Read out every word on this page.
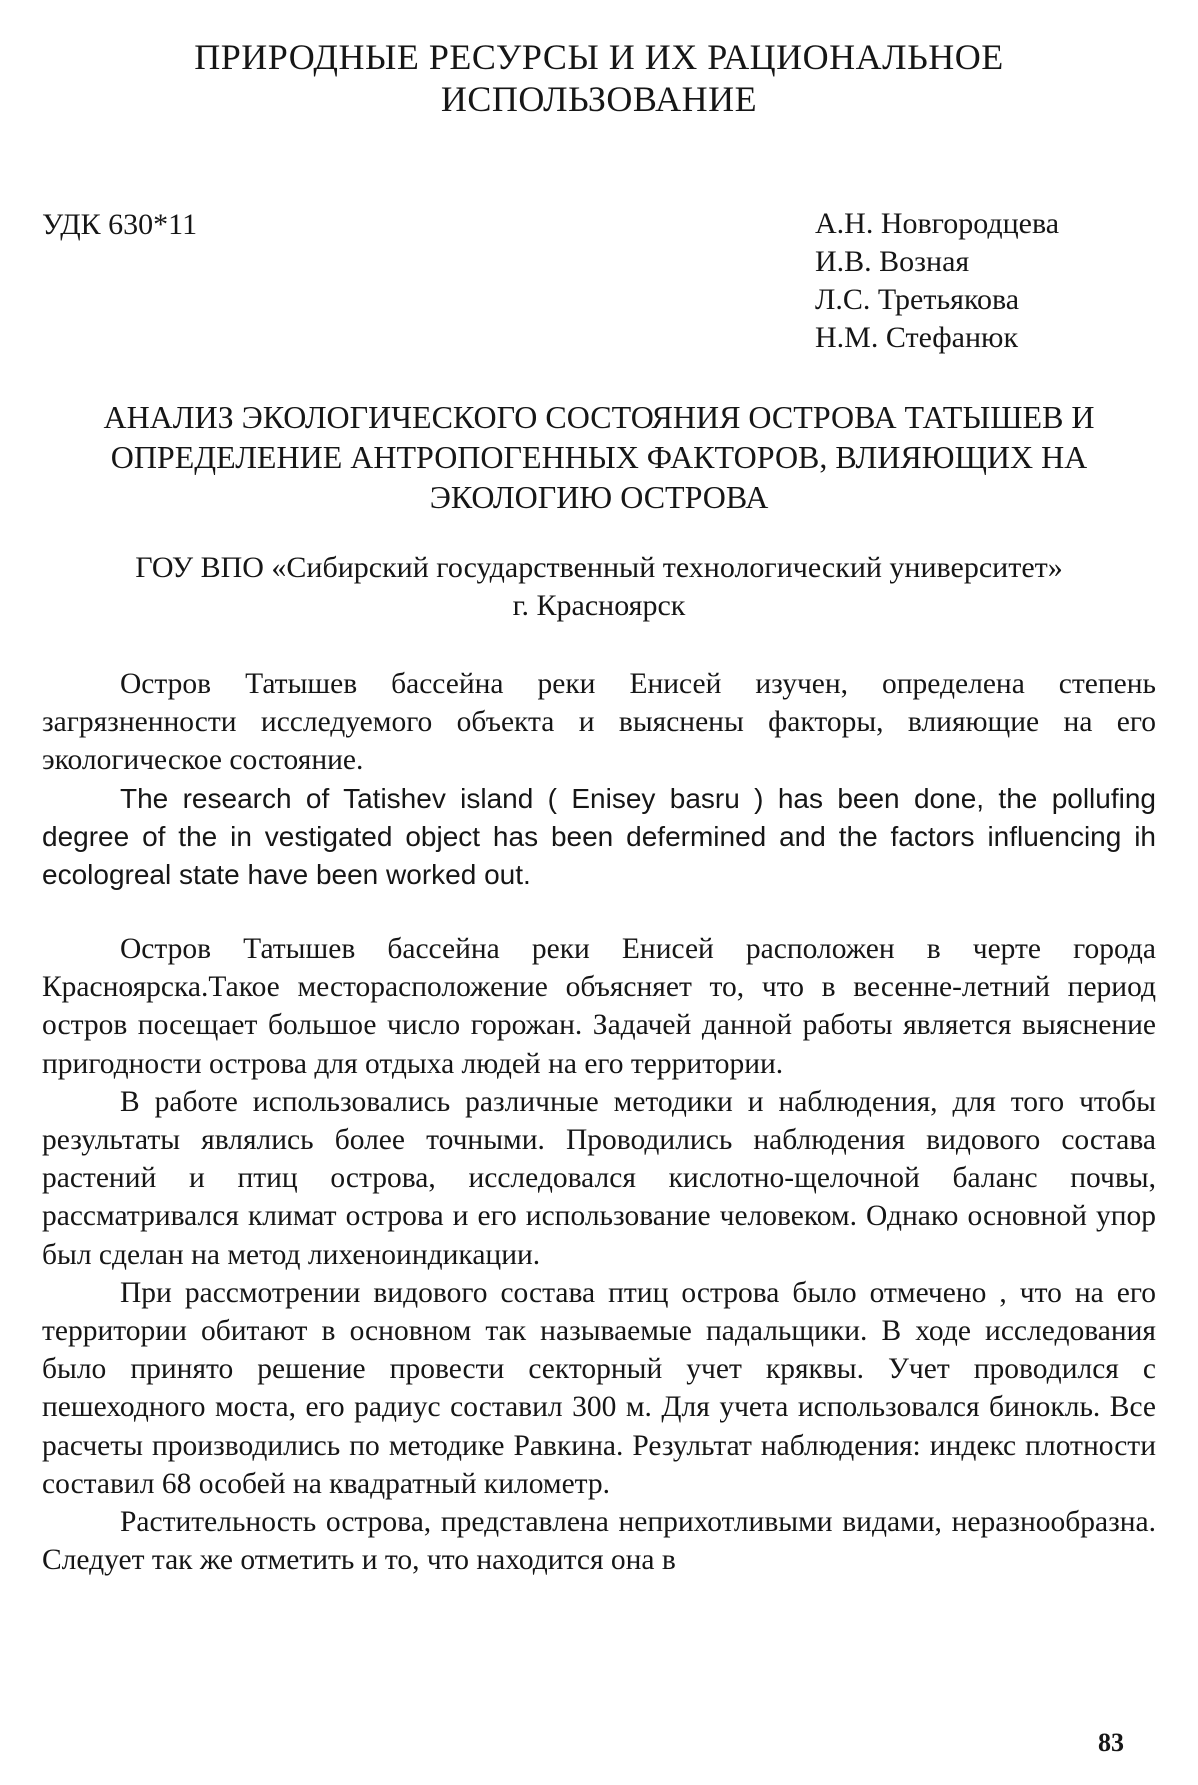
ПРИРОДНЫЕ РЕСУРСЫ И ИХ РАЦИОНАЛЬНОЕ
ИСПОЛЬЗОВАНИЕ
УДК 630*11	А.Н. Новгородцева
И.В. Возная
Л.С. Третьякова
Н.М. Стефанюк
АНАЛИЗ ЭКОЛОГИЧЕСКОГО СОСТОЯНИЯ ОСТРОВА ТАТЫШЕВ И
ОПРЕДЕЛЕНИЕ АНТРОПОГЕННЫХ ФАКТОРОВ, ВЛИЯЮЩИХ НА
ЭКОЛОГИЮ ОСТРОВА
ГОУ ВПО «Сибирский государственный технологический университет»
г. Красноярск

Остров Татышев бассейна реки Енисей изучен, определена степень загрязненности исследуемого объекта и выяснены факторы, влияющие на его экологическое состояние.

The research of Tatishev island ( Enisey basru ) has been done, the pollufing degree of the in vestigated object has been defermined and the factors influencing ih ecologreal state have been worked out.

Остров Татышев бассейна реки Енисей расположен в черте города Красноярска.Такое месторасположение объясняет то, что в весенне-летний период остров посещает большое число горожан. Задачей данной работы является выяснение пригодности острова для отдыха людей на его территории.

В работе использовались различные методики и наблюдения, для того чтобы результаты являлись более точными. Проводились наблюдения видового состава растений и птиц острова, исследовался кислотно-щелочной баланс почвы, рассматривался климат острова и его использование человеком. Однако основной упор был сделан на метод лихеноиндикации.

При рассмотрении видового состава птиц острова было отмечено , что на его территории обитают в основном так называемые падальщики. В ходе исследования было принято решение провести секторный учет кряквы. Учет проводился с пешеходного моста, его радиус составил 300 м. Для учета использовался бинокль. Все расчеты производились по методике Равкина. Результат наблюдения: индекс плотности составил 68 особей на квадратный километр.

Растительность острова, представлена неприхотливыми видами, неразнообразна. Следует так же отметить и то, что находится она в

83
